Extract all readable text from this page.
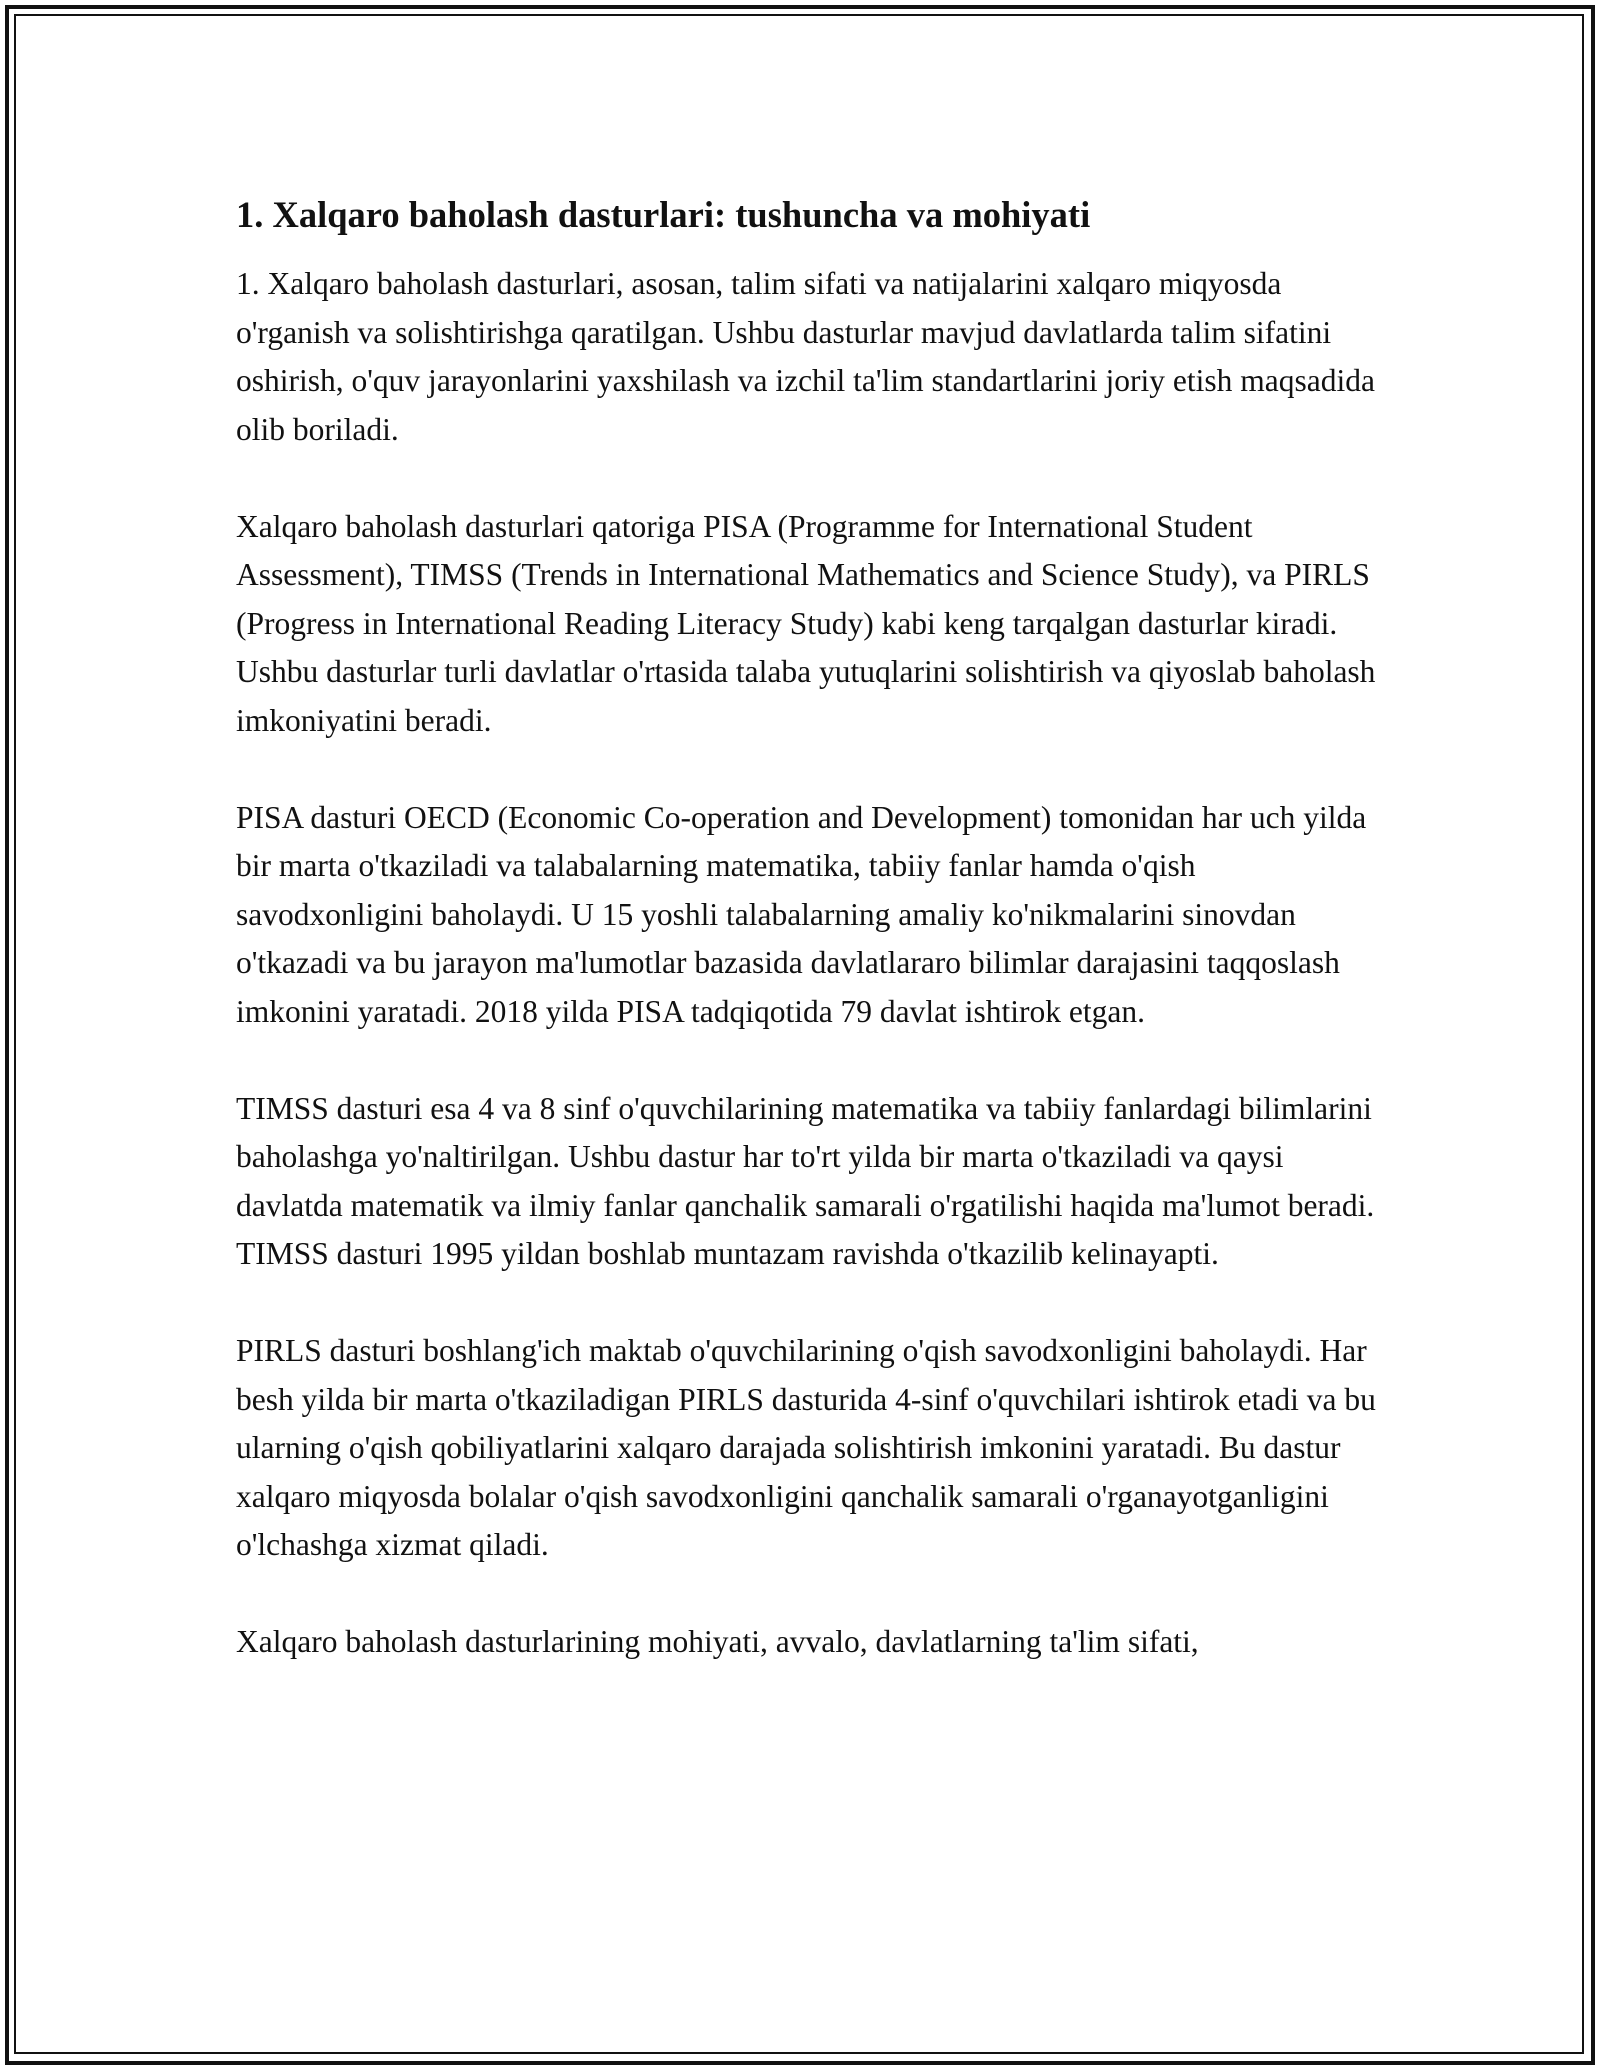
1. Xalqaro baholash dasturlari: tushuncha va mohiyati

1. Xalqaro baholash dasturlari, asosan, talim sifati va natijalarini xalqaro miqyosda o'rganish va solishtirishga qaratilgan. Ushbu dasturlar mavjud davlatlarda talim sifatini oshirish, o'quv jarayonlarini yaxshilash va izchil ta'lim standartlarini joriy etish maqsadida olib boriladi.

Xalqaro baholash dasturlari qatoriga PISA (Programme for International Student Assessment), TIMSS (Trends in International Mathematics and Science Study), va PIRLS (Progress in International Reading Literacy Study) kabi keng tarqalgan dasturlar kiradi. Ushbu dasturlar turli davlatlar o'rtasida talaba yutuqlarini solishtirish va qiyoslab baholash imkoniyatini beradi.

PISA dasturi OECD (Economic Co-operation and Development) tomonidan har uch yilda bir marta o'tkaziladi va talabalarning matematika, tabiiy fanlar hamda o'qish savodxonligini baholaydi. U 15 yoshli talabalarning amaliy ko'nikmalarini sinovdan o'tkazadi va bu jarayon ma'lumotlar bazasida davlatlararo bilimlar darajasini taqqoslash imkonini yaratadi. 2018 yilda PISA tadqiqotida 79 davlat ishtirok etgan.

TIMSS dasturi esa 4 va 8 sinf o'quvchilarining matematika va tabiiy fanlardagi bilimlarini baholashga yo'naltirilgan. Ushbu dastur har to'rt yilda bir marta o'tkaziladi va qaysi davlatda matematik va ilmiy fanlar qanchalik samarali o'rgatilishi haqida ma'lumot beradi. TIMSS dasturi 1995 yildan boshlab muntazam ravishda o'tkazilib kelinayapti.

PIRLS dasturi boshlang'ich maktab o'quvchilarining o'qish savodxonligini baholaydi. Har besh yilda bir marta o'tkaziladigan PIRLS dasturida 4-sinf o'quvchilari ishtirok etadi va bu ularning o'qish qobiliyatlarini xalqaro darajada solishtirish imkonini yaratadi. Bu dastur xalqaro miqyosda bolalar o'qish savodxonligini qanchalik samarali o'rganayotganligini o'lchashga xizmat qiladi.

Xalqaro baholash dasturlarining mohiyati, avvalo, davlatlarning ta'lim sifati,
